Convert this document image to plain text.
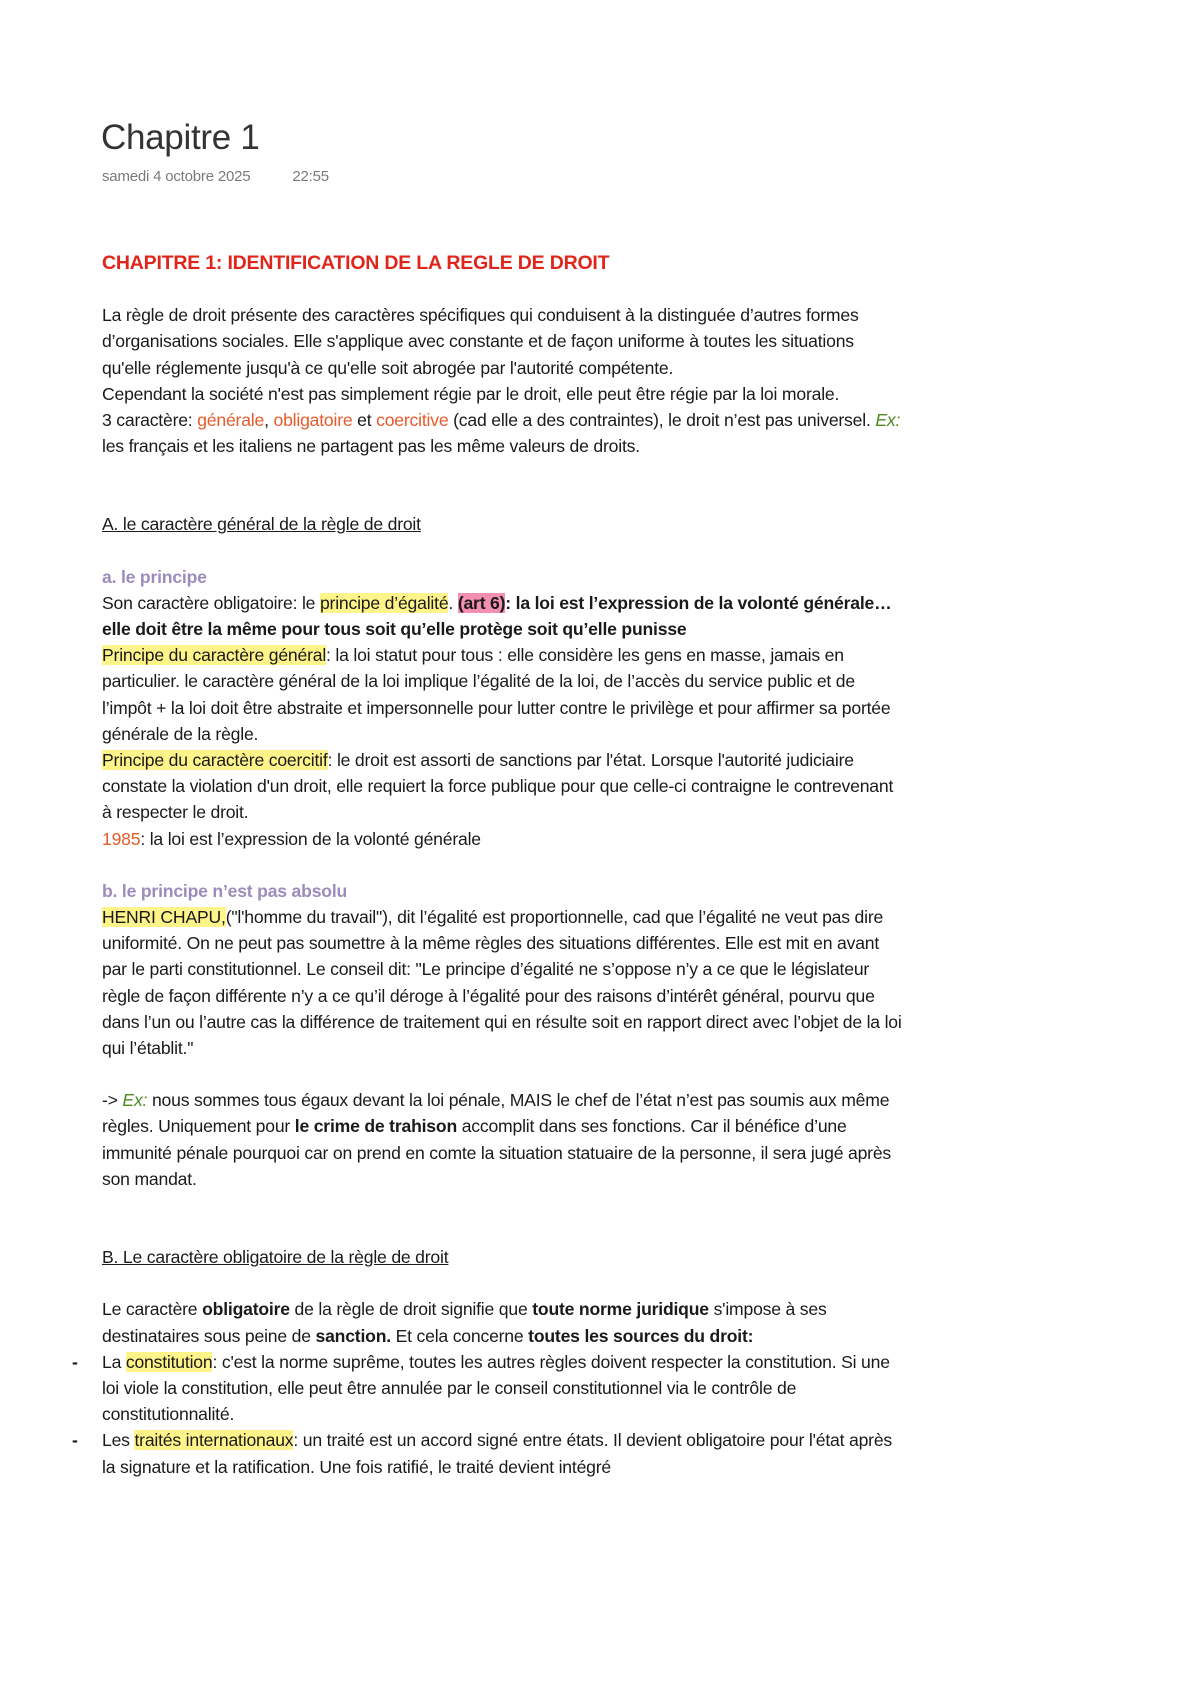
Chapitre 1
samedi 4 octobre 2025	22:55

CHAPITRE 1: IDENTIFICATION DE LA REGLE DE DROIT

La règle de droit présente des caractères spécifiques qui conduisent à la distinguée d’autres formes d’organisations sociales. Elle s'applique avec constante et de façon uniforme à toutes les situations qu'elle réglemente jusqu'à ce qu'elle soit abrogée par l'autorité compétente.

Cependant la société n'est pas simplement régie par le droit, elle peut être régie par la loi morale.

3 caractère: générale, obligatoire et coercitive (cad elle a des contraintes), le droit n’est pas universel. Ex: les français et les italiens ne partagent pas les même valeurs de droits.

A. le caractère général de la règle de droit

a. le principe

Son caractère obligatoire: le principe d’égalité. (art 6): la loi est l’expression de la volonté générale… elle doit être la même pour tous soit qu’elle protège soit qu’elle punisse

Principe du caractère général: la loi statut pour tous : elle considère les gens en masse, jamais en particulier. le caractère général de la loi implique l’égalité de la loi, de l’accès du service public et de l’impôt + la loi doit être abstraite et impersonnelle pour lutter contre le privilège et pour affirmer sa portée générale de la règle.

Principe du caractère coercitif: le droit est assorti de sanctions par l'état. Lorsque l'autorité judiciaire constate la violation d'un droit, elle requiert la force publique pour que celle-ci contraigne le contrevenant à respecter le droit.

1985: la loi est l’expression de la volonté générale

b. le principe n’est pas absolu

HENRI CHAPU,("l'homme du travail"), dit l’égalité est proportionnelle, cad que l’égalité ne veut pas dire uniformité. On ne peut pas soumettre à la même règles des situations différentes. Elle est mit en avant par le parti constitutionnel. Le conseil dit: "Le principe d’égalité ne s’oppose n’y a ce que le législateur règle de façon différente n’y a ce qu’il déroge à l’égalité pour des raisons d’intérêt général, pourvu que dans l’un ou l’autre cas la différence de traitement qui en résulte soit en rapport direct avec l’objet de la loi qui l’établit."

-> Ex: nous sommes tous égaux devant la loi pénale, MAIS le chef de l’état n’est pas soumis aux même règles. Uniquement pour le crime de trahison accomplit dans ses fonctions. Car il bénéfice d’une immunité pénale pourquoi car on prend en comte la situation statuaire de la personne, il sera jugé après son mandat.

B. Le caractère obligatoire de la règle de droit

Le caractère obligatoire de la règle de droit signifie que toute norme juridique s'impose à ses destinataires sous peine de sanction. Et cela concerne toutes les sources du droit:

- La constitution: c'est la norme suprême, toutes les autres règles doivent respecter la constitution. Si une loi viole la constitution, elle peut être annulée par le conseil constitutionnel via le contrôle de constitutionnalité.

- Les traités internationaux: un traité est un accord signé entre états. Il devient obligatoire pour l'état après la signature et la ratification. Une fois ratifié, le traité devient intégré
